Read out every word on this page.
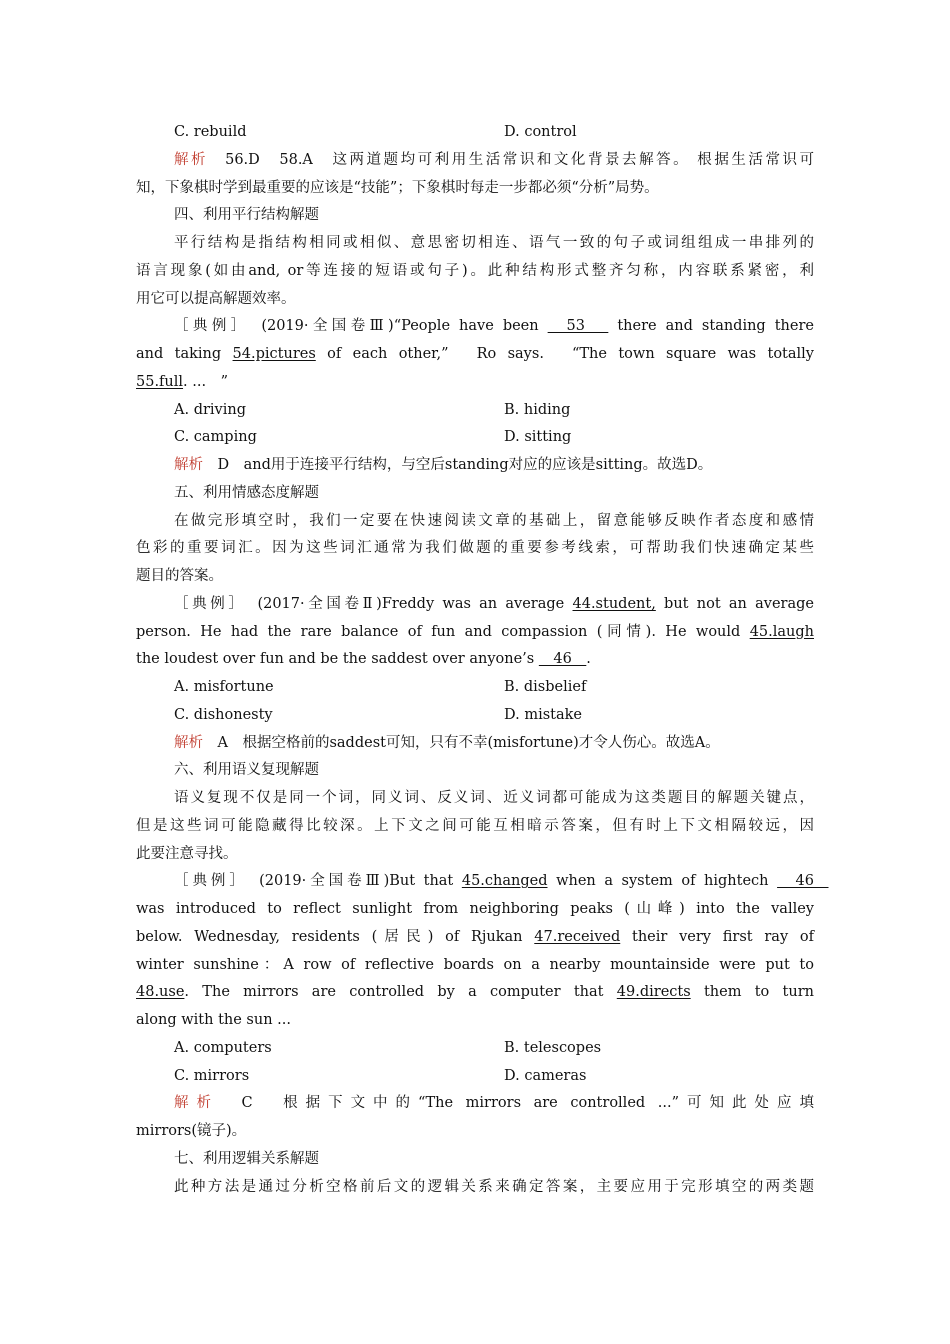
C. rebuild	D. control
解析　56.D　58.A　这两道题均可利用生活常识和文化背景去解答。 根据生活常识可
知，下象棋时学到最重要的应该是“技能”；下象棋时每走一步都必须“分析”局势。
四、利用平行结构解题
平行结构是指结构相同或相似、意思密切相连、语气一致的句子或词组组成一串排列的
语言现象(如由and, or等连接的短语或句子)。此种结构形式整齐匀称，内容联系紧密，利
用它可以提高解题效率。
［典例］　(2019·全国卷Ⅲ)“People have been 　53　 there and standing there
and taking 54.pictures of each other,”　Ro says.　“The town square was totally
55.full. ...　”
A. driving	B. hiding
C. camping	D. sitting
解析　D　and用于连接平行结构，与空后standing对应的应该是sitting。故选D。
五、利用情感态度解题
在做完形填空时，我们一定要在快速阅读文章的基础上，留意能够反映作者态度和感情
色彩的重要词汇。因为这些词汇通常为我们做题的重要参考线索，可帮助我们快速确定某些
题目的答案。
［典例］　(2017·全国卷Ⅱ)Freddy was an average 44.student, but not an average
person. He had the rare balance of fun and compassion (同情). He would 45.laugh
the loudest over fun and be the saddest over anyone’s 　46　.
A. misfortune	B. disbelief
C. dishonesty	D. mistake
解析　A　根据空格前的saddest可知，只有不幸(misfortune)才令人伤心。故选A。
六、利用语义复现解题
语义复现不仅是同一个词，同义词、反义词、近义词都可能成为这类题目的解题关键点，
但是这些词可能隐藏得比较深。上下文之间可能互相暗示答案，但有时上下文相隔较远，因
此要注意寻找。
［典例］　(2019·全国卷Ⅲ)But that 45.changed when a system of hightech 　46　
was introduced to reflect sunlight from neighboring peaks (山峰) into the valley
below. Wednesday, residents (居民) of Rjukan 47.received their very first ray of
winter sunshine：A row of reflective boards on a nearby mountainside were put to
48.use. The mirrors are controlled by a computer that 49.directs them to turn
along with the sun ...
A. computers	B. telescopes
C. mirrors	D. cameras
解析　C　根据下文中的“The mirrors are controlled ...”可知此处应填
mirrors(镜子)。
七、利用逻辑关系解题
此种方法是通过分析空格前后文的逻辑关系来确定答案，主要应用于完形填空的两类题
